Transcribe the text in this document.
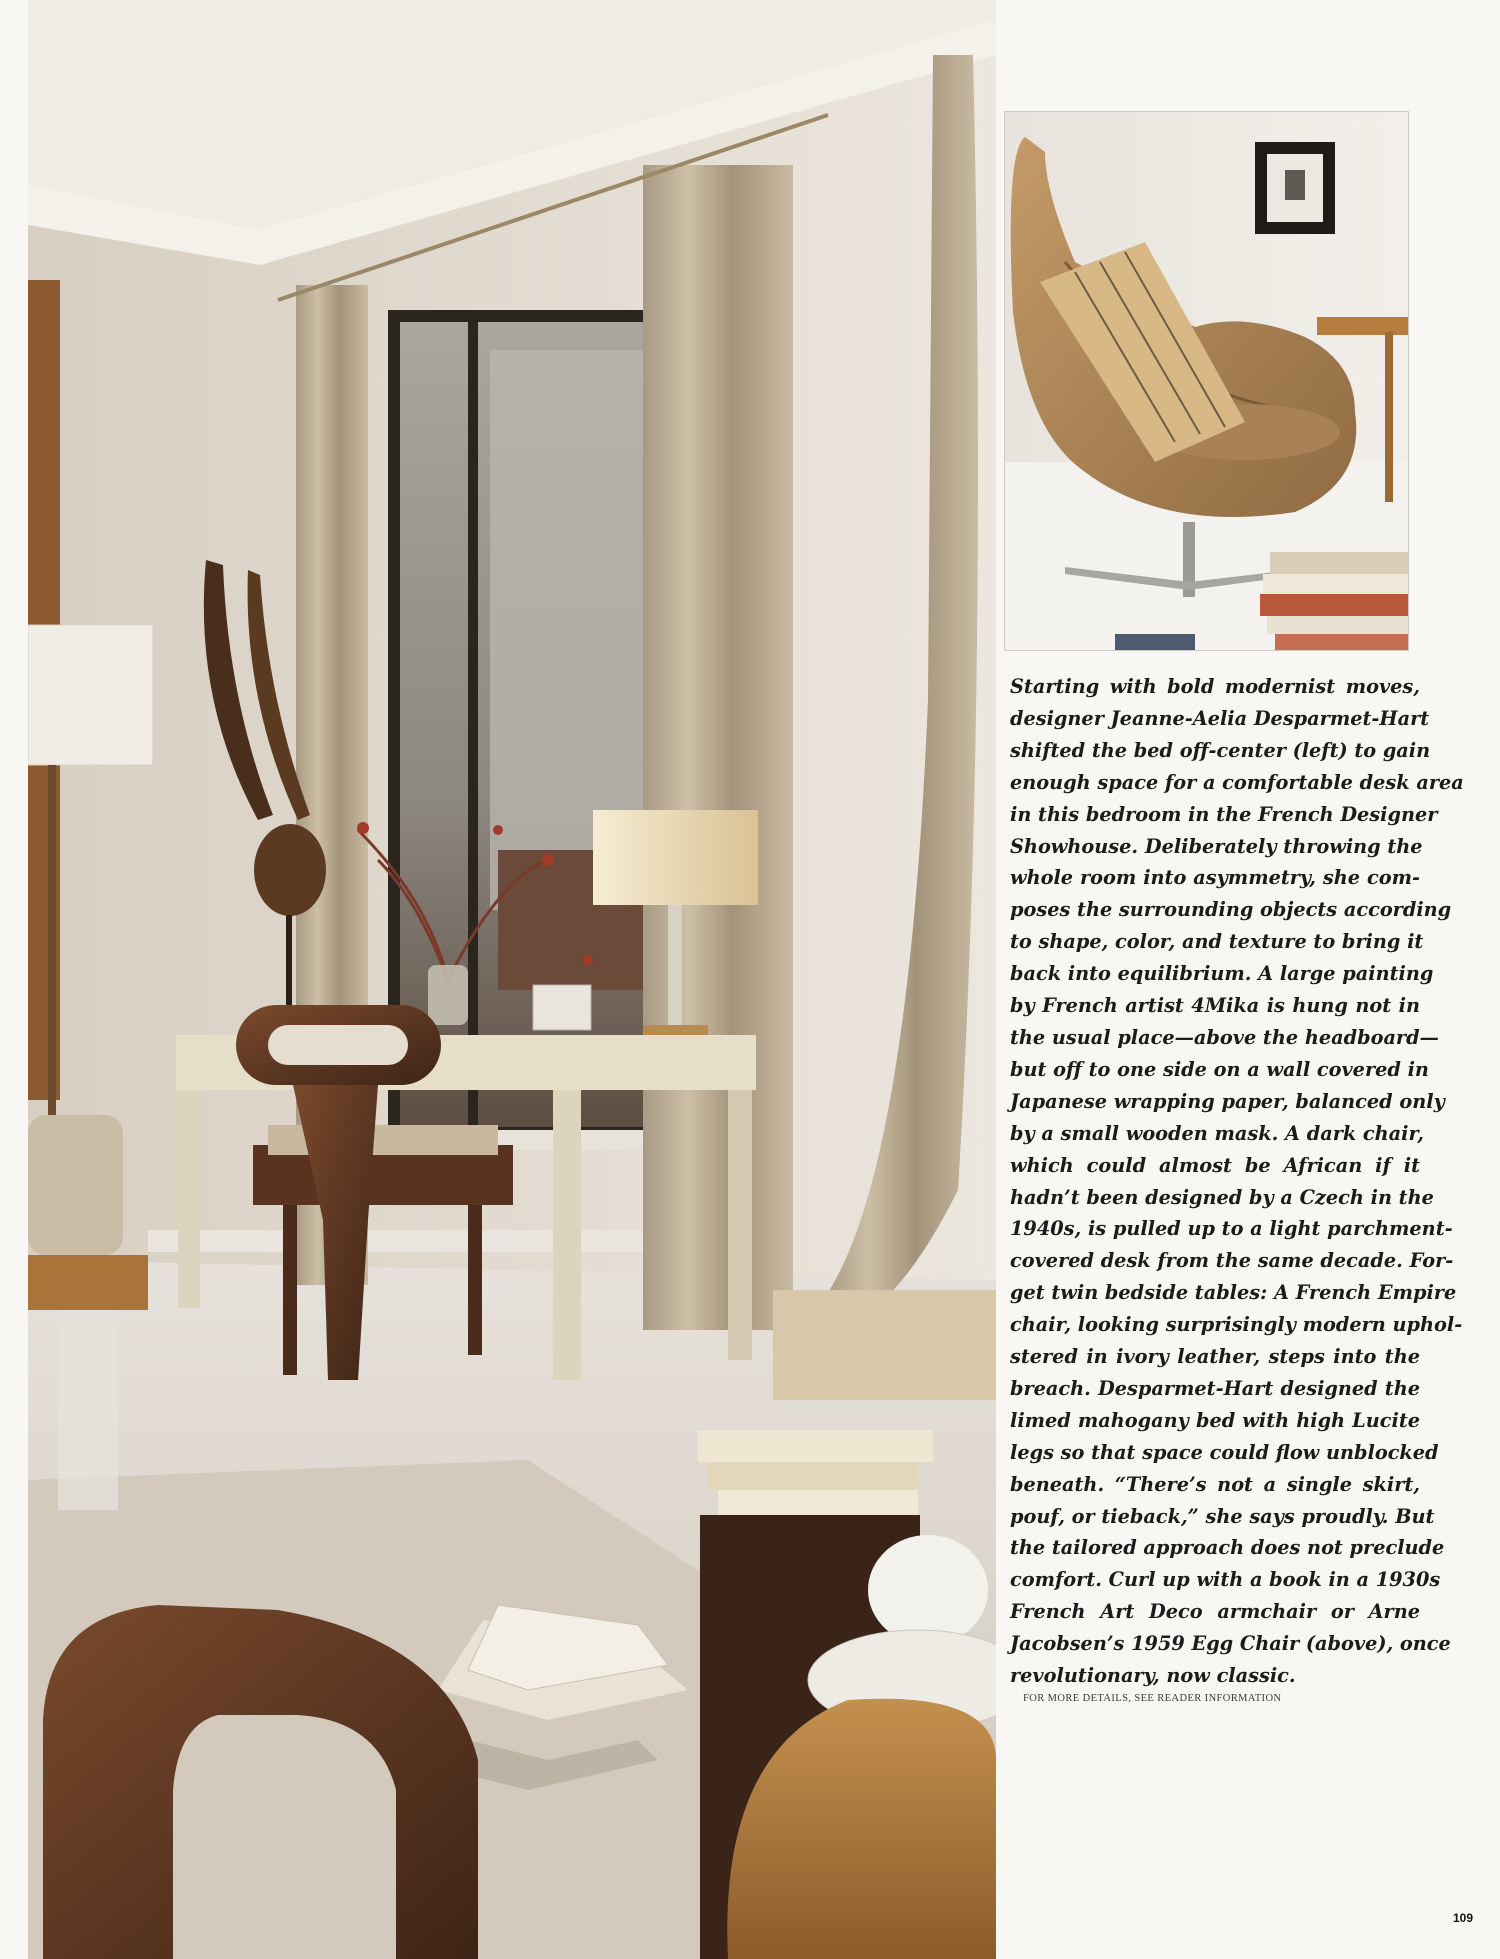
Starting with bold modernist moves,
designer Jeanne-Aelia Desparmet-Hart
shifted the bed off-center (left) to gain
enough space for a comfortable desk area
in this bedroom in the French Designer
Showhouse. Deliberately throwing the
whole room into asymmetry, she com-
poses the surrounding objects according
to shape, color, and texture to bring it
back into equilibrium. A large painting
by French artist 4Mika is hung not in
the usual place—above the headboard—
but off to one side on a wall covered in
Japanese wrapping paper, balanced only
by a small wooden mask. A dark chair,
which could almost be African if it
hadn’t been designed by a Czech in the
1940s, is pulled up to a light parchment-
covered desk from the same decade. For-
get twin bedside tables: A French Empire
chair, looking surprisingly modern uphol-
stered in ivory leather, steps into the
breach. Desparmet-Hart designed the
limed mahogany bed with high Lucite
legs so that space could flow unblocked
beneath. “There’s not a single skirt,
pouf, or tieback,” she says proudly. But
the tailored approach does not preclude
comfort. Curl up with a book in a 1930s
French Art Deco armchair or Arne
Jacobsen’s 1959 Egg Chair (above), once
revolutionary, now classic.

FOR MORE DETAILS, SEE READER INFORMATION
109
